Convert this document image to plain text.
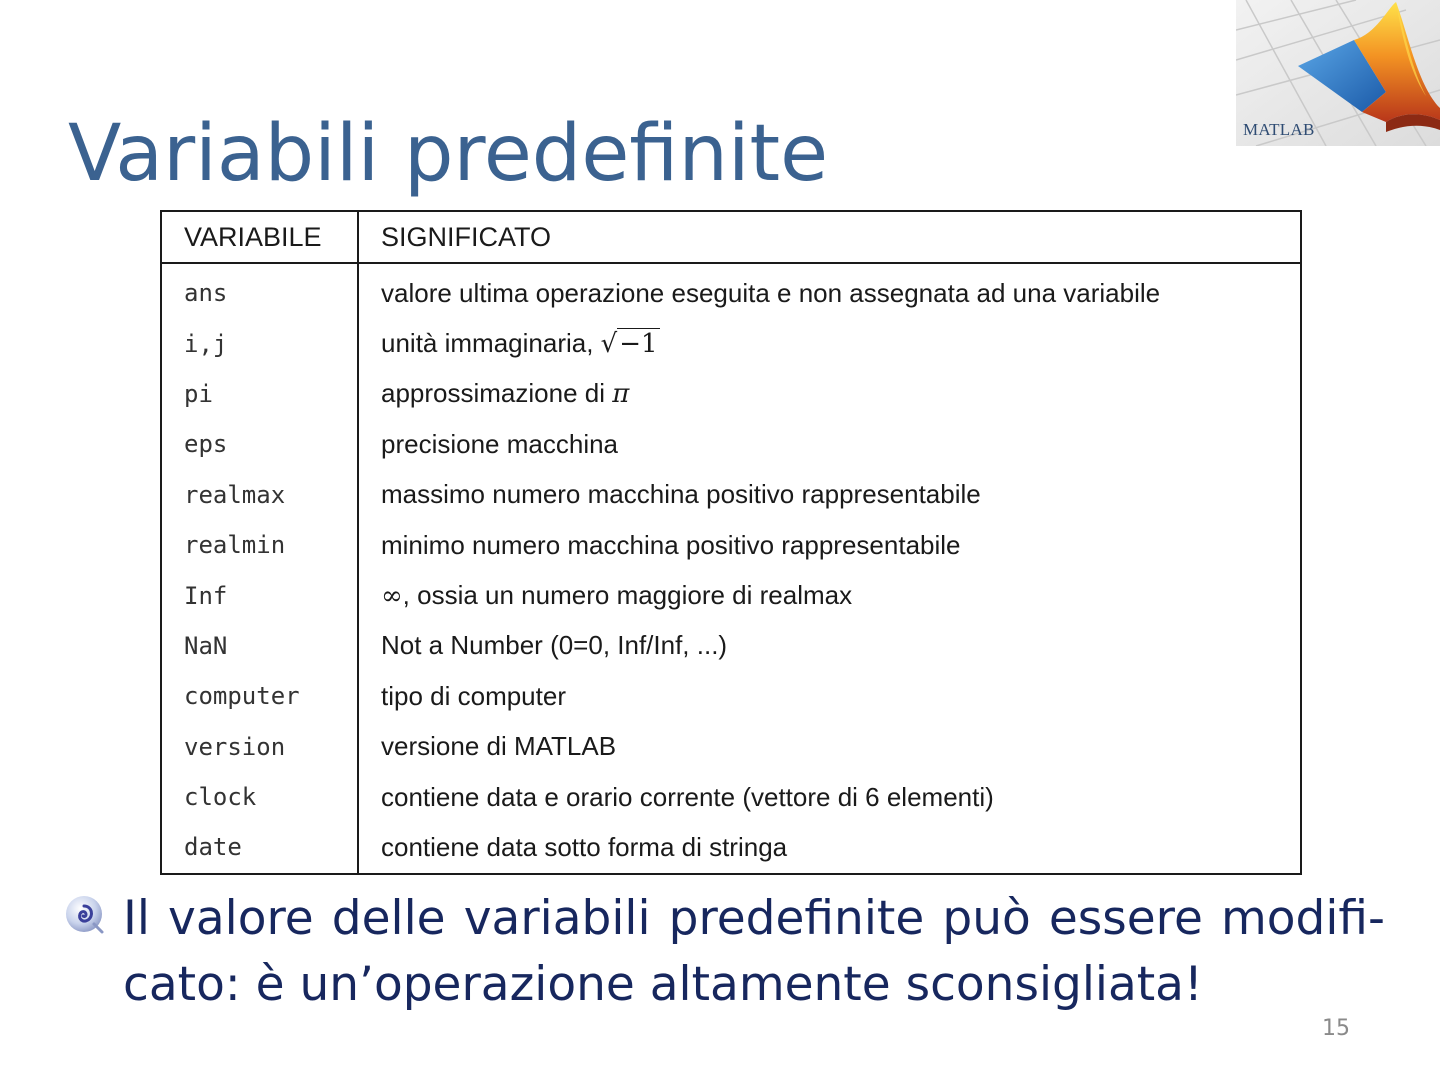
Variabili predefinite	MATLAB
VARIABILE	SIGNIFICATO
ans	valore ultima operazione eseguita e non assegnata ad una variabile
i,j	unità immaginaria, √−1
pi	approssimazione di π
eps	precisione macchina
realmax	massimo numero macchina positivo rappresentabile
realmin	minimo numero macchina positivo rappresentabile
Inf	∞, ossia un numero maggiore di realmax
NaN	Not a Number (0=0, Inf/Inf, ...)
computer	tipo di computer
version	versione di MATLAB
clock	contiene data e orario corrente (vettore di 6 elementi)
date	contiene data sotto forma di stringa

Il valore delle variabili predefinite può essere modifi-cato: è un’operazione altamente sconsigliata!

15
